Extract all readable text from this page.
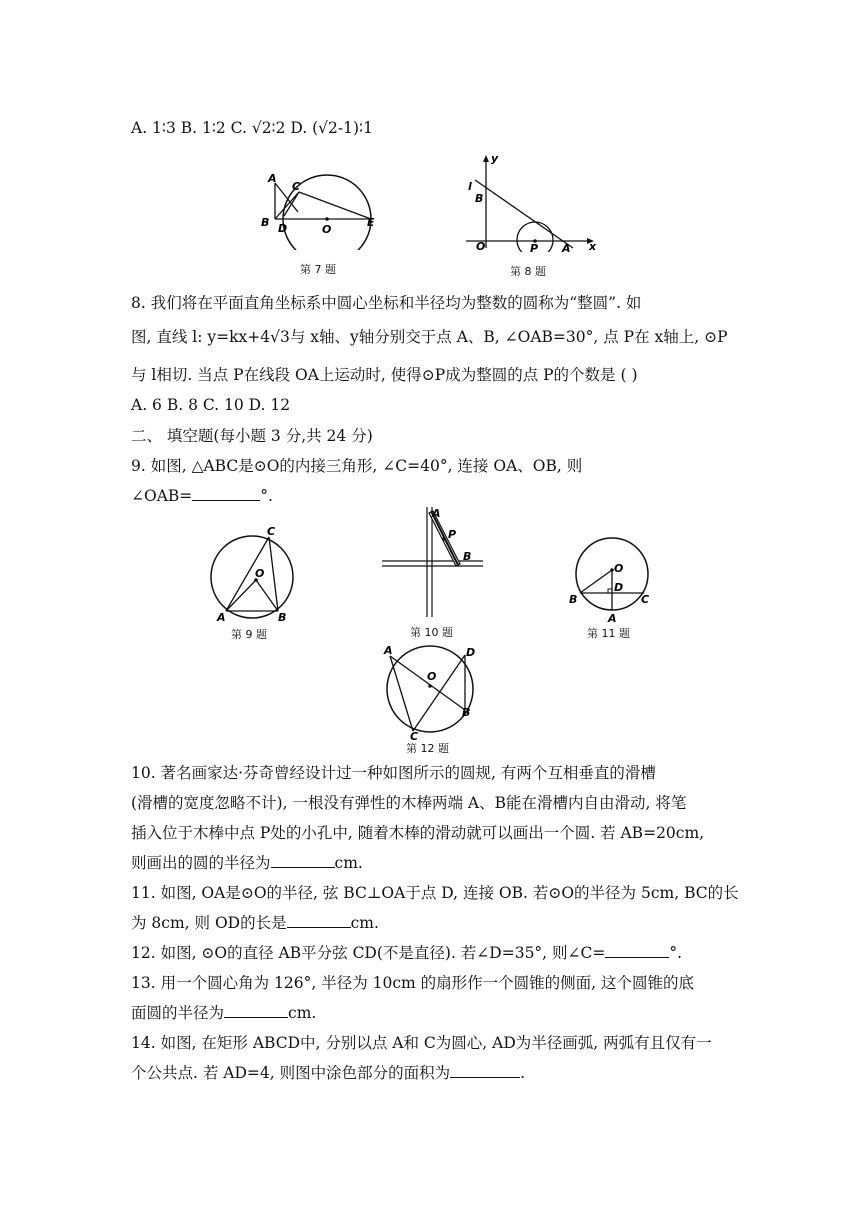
A. 1∶3 B. 1∶2 C. √2∶2 D. (√2-1)∶1
A
B
C
D	O
E
第 7 题
y
l
B
O	P A x
第 8 题
8. 我们将在平面直角坐标系中圆心坐标和半径均为整数的圆称为“整圆”. 如
图, 直线 l: y=kx+4√3与 x轴、y轴分别交于点 A、B, ∠OAB=30°, 点 P在 x轴上, ⊙P
与 l相切. 当点 P在线段 OA上运动时, 使得⊙P成为整圆的点 P的个数是 ( )
A. 6 B. 8 C. 10 D. 12
二、 填空题(每小题 3 分,共 24 分)
9. 如图, △ABC是⊙O的内接三角形, ∠C=40°, 连接 OA、OB, 则
∠OAB=	°.
C
O
A	B
第 9 题
A
P
B
第 10 题
O
B
D
C
A
第 11 题
A	D
O
B
C
第 12 题
10. 著名画家达·芬奇曾经设计过一种如图所示的圆规, 有两个互相垂直的滑槽
(滑槽的宽度忽略不计), 一根没有弹性的木棒两端 A、B能在滑槽内自由滑动, 将笔
插入位于木棒中点 P处的小孔中, 随着木棒的滑动就可以画出一个圆. 若 AB=20cm,
则画出的圆的半径为	cm.
11. 如图, OA是⊙O的半径, 弦 BC⊥OA于点 D, 连接 OB. 若⊙O的半径为 5cm, BC的长
为 8cm, 则 OD的长是	cm.
12. 如图, ⊙O的直径 AB平分弦 CD(不是直径). 若∠D=35°, 则∠C=	°.
13. 用一个圆心角为 126°, 半径为 10cm 的扇形作一个圆锥的侧面, 这个圆锥的底
面圆的半径为	cm.
14. 如图, 在矩形 ABCD中, 分别以点 A和 C为圆心, AD为半径画弧, 两弧有且仅有一
个公共点. 若 AD=4, 则图中涂色部分的面积为	.
